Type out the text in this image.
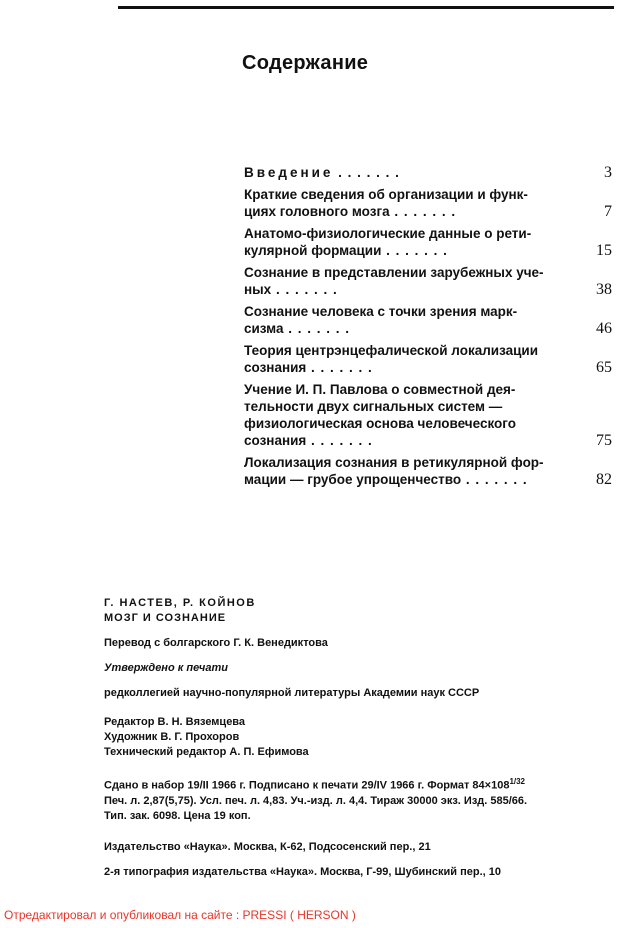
Содержание
Введение . .	3
Краткие сведения об организации и функ-
циях головного мозга . .	7
Анатомо-физиологические данные о рети-
кулярной формации . .	15
Сознание в представлении зарубежных уче-
ных . .	38
Сознание человека с точки зрения марк-
сизма . .	46
Теория центрэнцефалической локализации
сознания . .	65
Учение И. П. Павлова о совместной дея-
тельности двух сигнальных систем —
физиологическая основа человеческого
сознания . .	75
Локализация сознания в ретикулярной фор-
мации — грубое упрощенчество . .	82
Г. НАСТЕВ, Р. КОЙНОВ
МОЗГ И СОЗНАНИЕ
Перевод с болгарского Г. К. Венедиктова
Утверждено к печати
редколлегией научно-популярной литературы Академии наук СССР
Редактор В. Н. Вяземцева
Художник В. Г. Прохоров
Технический редактор А. П. Ефимова
Сдано в набор 19/II 1966 г. Подписано к печати 29/IV 1966 г. Формат $84\times 108^{1/32}$
Печ. л. 2,87(5,75). Усл. печ. л. 4,83. Уч.-изд. л. 4,4. Тираж 30000 экз. Изд. 585/66.
Тип. зак. 6098. Цена 19 коп.
Издательство «Наука». Москва, К-62, Подсосенский пер., 21
2-я типография издательства «Наука». Москва, Г-99, Шубинский пер., 10
Отредактировал и опубликовал на сайте : PRESSI ( HERSON )
